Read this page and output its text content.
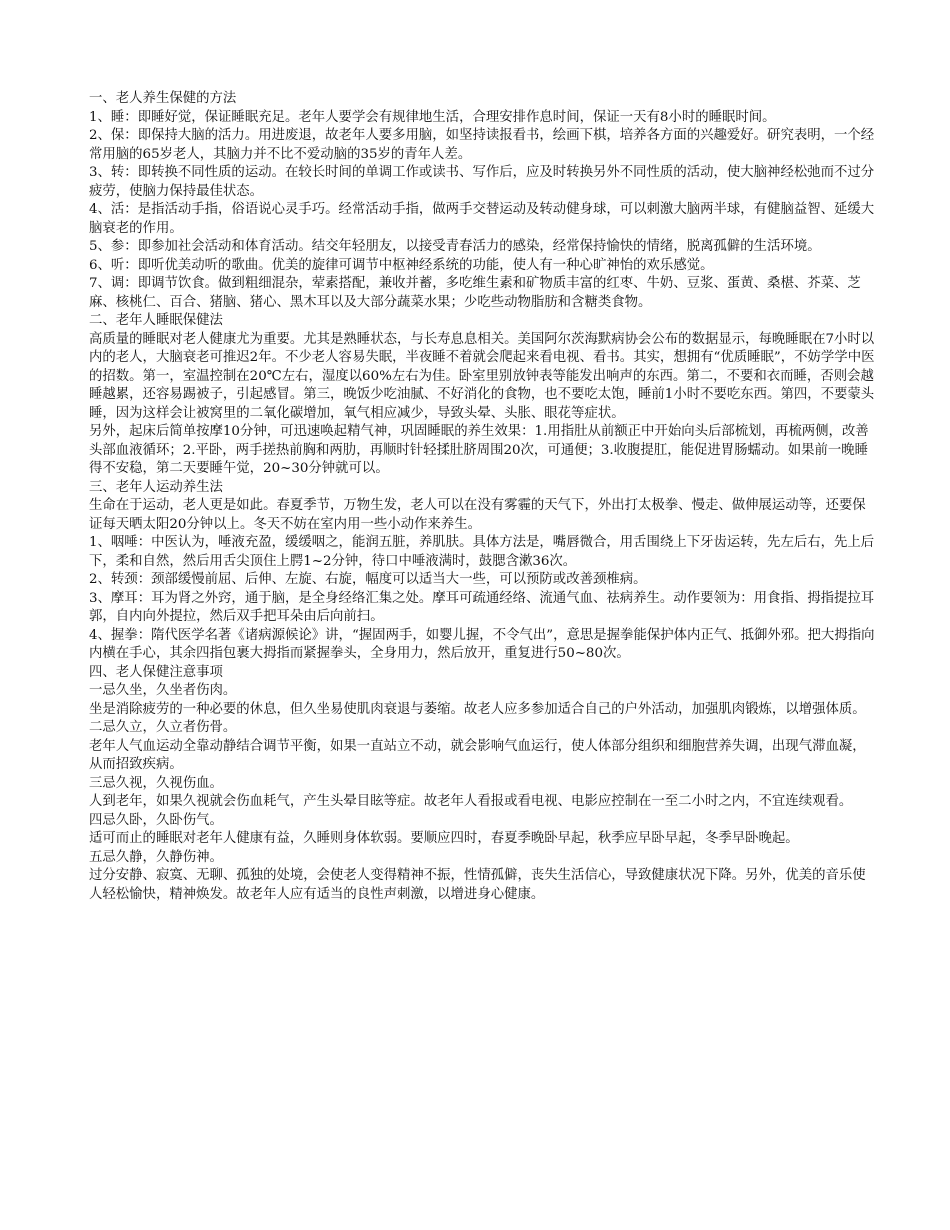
一、老人养生保健的方法
1、睡：即睡好觉，保证睡眠充足。老年人要学会有规律地生活，合理安排作息时间，保证一天有8小时的睡眠时间。
2、保：即保持大脑的活力。用进废退，故老年人要多用脑，如坚持读报看书，绘画下棋，培养各方面的兴趣爱好。研究表明，一个经常用脑的65岁老人，其脑力并不比不爱动脑的35岁的青年人差。
3、转：即转换不同性质的运动。在较长时间的单调工作或读书、写作后，应及时转换另外不同性质的活动，使大脑神经松弛而不过分疲劳，使脑力保持最佳状态。
4、活：是指活动手指，俗语说心灵手巧。经常活动手指，做两手交替运动及转动健身球，可以刺激大脑两半球，有健脑益智、延缓大脑衰老的作用。
5、参：即参加社会活动和体育活动。结交年轻朋友，以接受青春活力的感染，经常保持愉快的情绪，脱离孤僻的生活环境。
6、听：即听优美动听的歌曲。优美的旋律可调节中枢神经系统的功能，使人有一种心旷神怡的欢乐感觉。
7、调：即调节饮食。做到粗细混杂，荤素搭配，兼收并蓄，多吃维生素和矿物质丰富的红枣、牛奶、豆浆、蛋黄、桑椹、芥菜、芝麻、核桃仁、百合、猪脑、猪心、黑木耳以及大部分蔬菜水果；少吃些动物脂肪和含糖类食物。
二、老年人睡眠保健法
高质量的睡眠对老人健康尤为重要。尤其是熟睡状态，与长寿息息相关。美国阿尔茨海默病协会公布的数据显示，每晚睡眠在7小时以内的老人，大脑衰老可推迟2年。不少老人容易失眠，半夜睡不着就会爬起来看电视、看书。其实，想拥有“优质睡眠”，不妨学学中医的招数。第一，室温控制在20℃左右，湿度以60%左右为佳。卧室里别放钟表等能发出响声的东西。第二，不要和衣而睡，否则会越睡越累，还容易踢被子，引起感冒。第三，晚饭少吃油腻、不好消化的食物，也不要吃太饱，睡前1小时不要吃东西。第四，不要蒙头睡，因为这样会让被窝里的二氧化碳增加，氧气相应减少，导致头晕、头胀、眼花等症状。
另外，起床后简单按摩10分钟，可迅速唤起精气神，巩固睡眠的养生效果：1.用指肚从前额正中开始向头后部梳划，再梳两侧，改善头部血液循环；2.平卧，两手搓热前胸和两肋，再顺时针轻揉肚脐周围20次，可通便；3.收腹提肛，能促进胃肠蠕动。如果前一晚睡得不安稳，第二天要睡午觉，20~30分钟就可以。
三、老年人运动养生法
生命在于运动，老人更是如此。春夏季节，万物生发，老人可以在没有雾霾的天气下，外出打太极拳、慢走、做伸展运动等，还要保证每天晒太阳20分钟以上。冬天不妨在室内用一些小动作来养生。
1、咽唾：中医认为，唾液充盈，缓缓咽之，能润五脏，养肌肤。具体方法是，嘴唇微合，用舌围绕上下牙齿运转，先左后右，先上后下，柔和自然，然后用舌尖顶住上腭1~2分钟，待口中唾液满时，鼓腮含漱36次。
2、转颈：颈部缓慢前屈、后伸、左旋、右旋，幅度可以适当大一些，可以预防或改善颈椎病。
3、摩耳：耳为肾之外窍，通于脑，是全身经络汇集之处。摩耳可疏通经络、流通气血、祛病养生。动作要领为：用食指、拇指提拉耳郭，自内向外提拉，然后双手把耳朵由后向前扫。
4、握拳：隋代医学名著《诸病源候论》讲，“握固两手，如婴儿握，不令气出”，意思是握拳能保护体内正气、抵御外邪。把大拇指向内横在手心，其余四指包裹大拇指而紧握拳头，全身用力，然后放开，重复进行50~80次。
四、老人保健注意事项
一忌久坐，久坐者伤肉。
坐是消除疲劳的一种必要的休息，但久坐易使肌肉衰退与萎缩。故老人应多参加适合自己的户外活动，加强肌肉锻炼，以增强体质。
二忌久立，久立者伤骨。
老年人气血运动全靠动静结合调节平衡，如果一直站立不动，就会影响气血运行，使人体部分组织和细胞营养失调，出现气滞血凝，从而招致疾病。
三忌久视，久视伤血。
人到老年，如果久视就会伤血耗气，产生头晕目眩等症。故老年人看报或看电视、电影应控制在一至二小时之内，不宜连续观看。
四忌久卧，久卧伤气。
适可而止的睡眠对老年人健康有益，久睡则身体软弱。要顺应四时，春夏季晚卧早起，秋季应早卧早起，冬季早卧晚起。
五忌久静，久静伤神。
过分安静、寂寞、无聊、孤独的处境，会使老人变得精神不振，性情孤僻，丧失生活信心，导致健康状况下降。另外，优美的音乐使人轻松愉快，精神焕发。故老年人应有适当的良性声刺激，以增进身心健康。
